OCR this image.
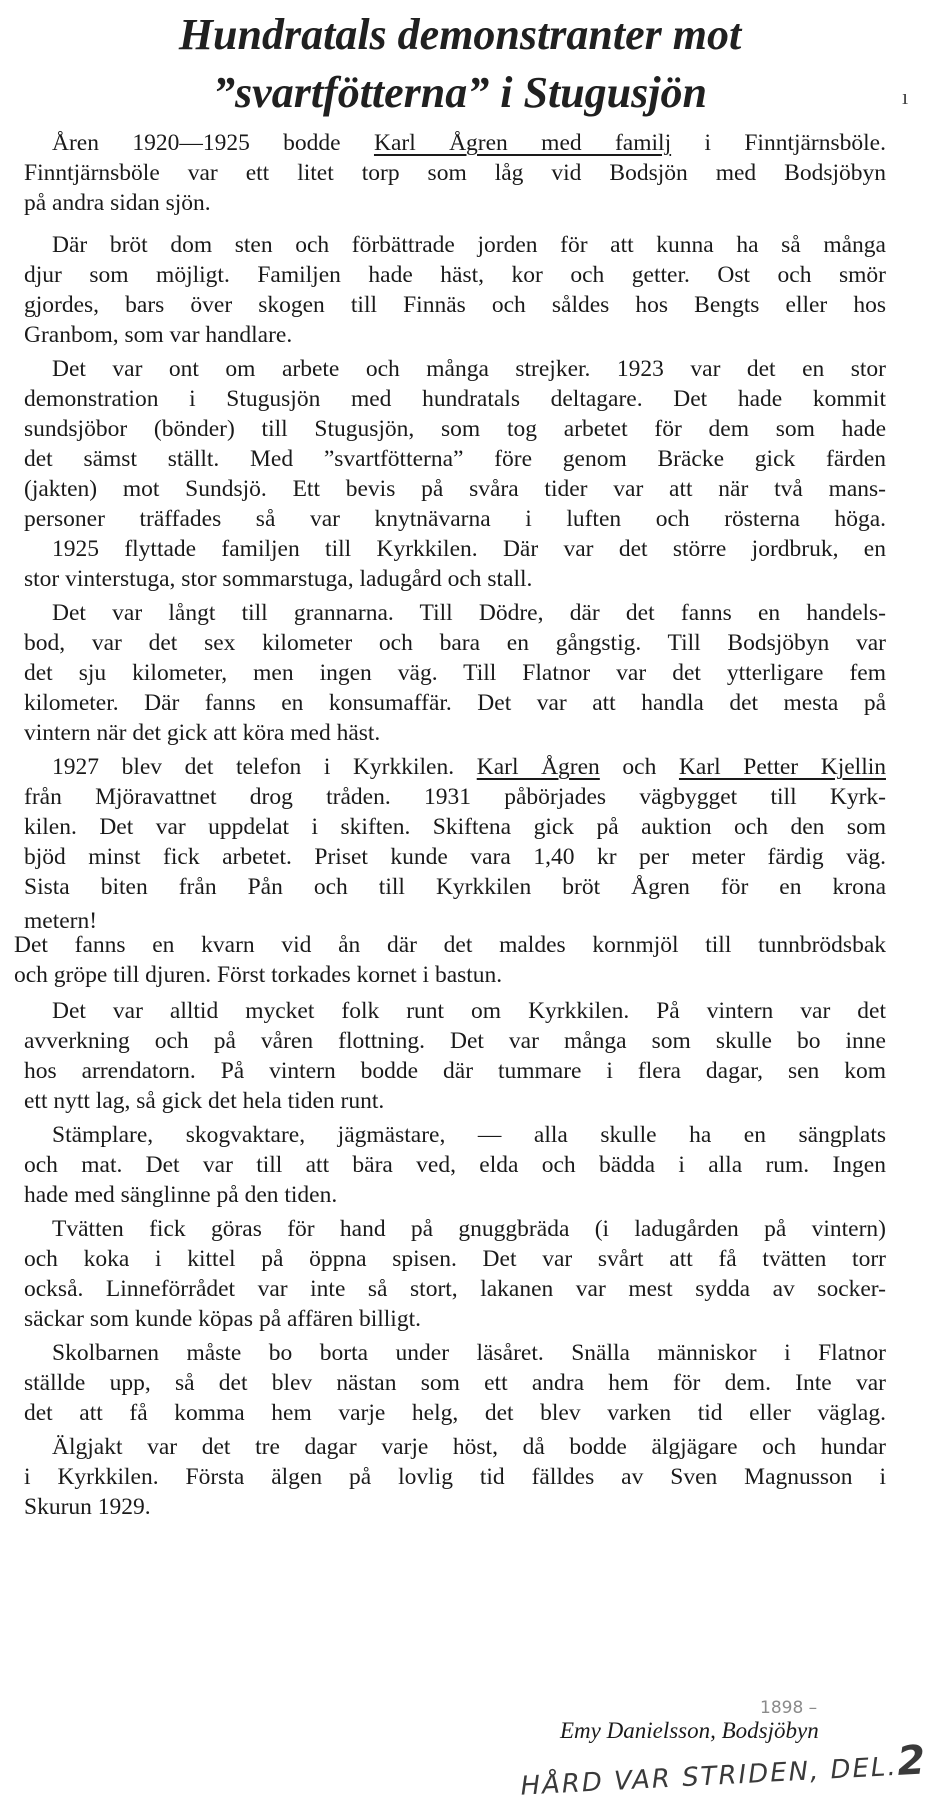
Hundratals demonstranter mot
”svartfötterna” i Stugusjön	ı
Åren 1920—1925 bodde Karl Ågren med familj i Finntjärnsböle.
Finntjärnsböle var ett litet torp som låg vid Bodsjön med Bodsjöbyn
på andra sidan sjön.
Där bröt dom sten och förbättrade jorden för att kunna ha så många
djur som möjligt. Familjen hade häst, kor och getter. Ost och smör
gjordes, bars över skogen till Finnäs och såldes hos Bengts eller hos
Granbom, som var handlare.
Det var ont om arbete och många strejker. 1923 var det en stor
demonstration i Stugusjön med hundratals deltagare. Det hade kommit
sundsjöbor (bönder) till Stugusjön, som tog arbetet för dem som hade
det sämst ställt. Med ”svartfötterna” före genom Bräcke gick färden
(jakten) mot Sundsjö. Ett bevis på svåra tider var att när två mans-
personer träffades så var knytnävarna i luften och rösterna höga.
1925 flyttade familjen till Kyrkkilen. Där var det större jordbruk, en
stor vinterstuga, stor sommarstuga, ladugård och stall.
Det var långt till grannarna. Till Dödre, där det fanns en handels-
bod, var det sex kilometer och bara en gångstig. Till Bodsjöbyn var
det sju kilometer, men ingen väg. Till Flatnor var det ytterligare fem
kilometer. Där fanns en konsumaffär. Det var att handla det mesta på
vintern när det gick att köra med häst.
1927 blev det telefon i Kyrkkilen. Karl Ågren och Karl Petter Kjellin
från Mjöravattnet drog tråden. 1931 påbörjades vägbygget till Kyrk-
kilen. Det var uppdelat i skiften. Skiftena gick på auktion och den som
bjöd minst fick arbetet. Priset kunde vara 1,40 kr per meter färdig väg.
Sista biten från Pån och till Kyrkkilen bröt Ågren för en krona
metern!
Det fanns en kvarn vid ån där det maldes kornmjöl till tunnbrödsbak
och gröpe till djuren. Först torkades kornet i bastun.
Det var alltid mycket folk runt om Kyrkkilen. På vintern var det
avverkning och på våren flottning. Det var många som skulle bo inne
hos arrendatorn. På vintern bodde där tummare i flera dagar, sen kom
ett nytt lag, så gick det hela tiden runt.
Stämplare, skogvaktare, jägmästare, — alla skulle ha en sängplats
och mat. Det var till att bära ved, elda och bädda i alla rum. Ingen
hade med sänglinne på den tiden.
Tvätten fick göras för hand på gnuggbräda (i ladugården på vintern)
och koka i kittel på öppna spisen. Det var svårt att få tvätten torr
också. Linneförrådet var inte så stort, lakanen var mest sydda av socker-
säckar som kunde köpas på affären billigt.
Skolbarnen måste bo borta under läsåret. Snälla människor i Flatnor
ställde upp, så det blev nästan som ett andra hem för dem. Inte var
det att få komma hem varje helg, det blev varken tid eller väglag.
Älgjakt var det tre dagar varje höst, då bodde älgjägare och hundar
i Kyrkkilen. Första älgen på lovlig tid fälldes av Sven Magnusson i
Skurun 1929.
1898 –
Emy Danielsson, Bodsjöbyn
HÅRD VAR STRIDEN, DEL.2
